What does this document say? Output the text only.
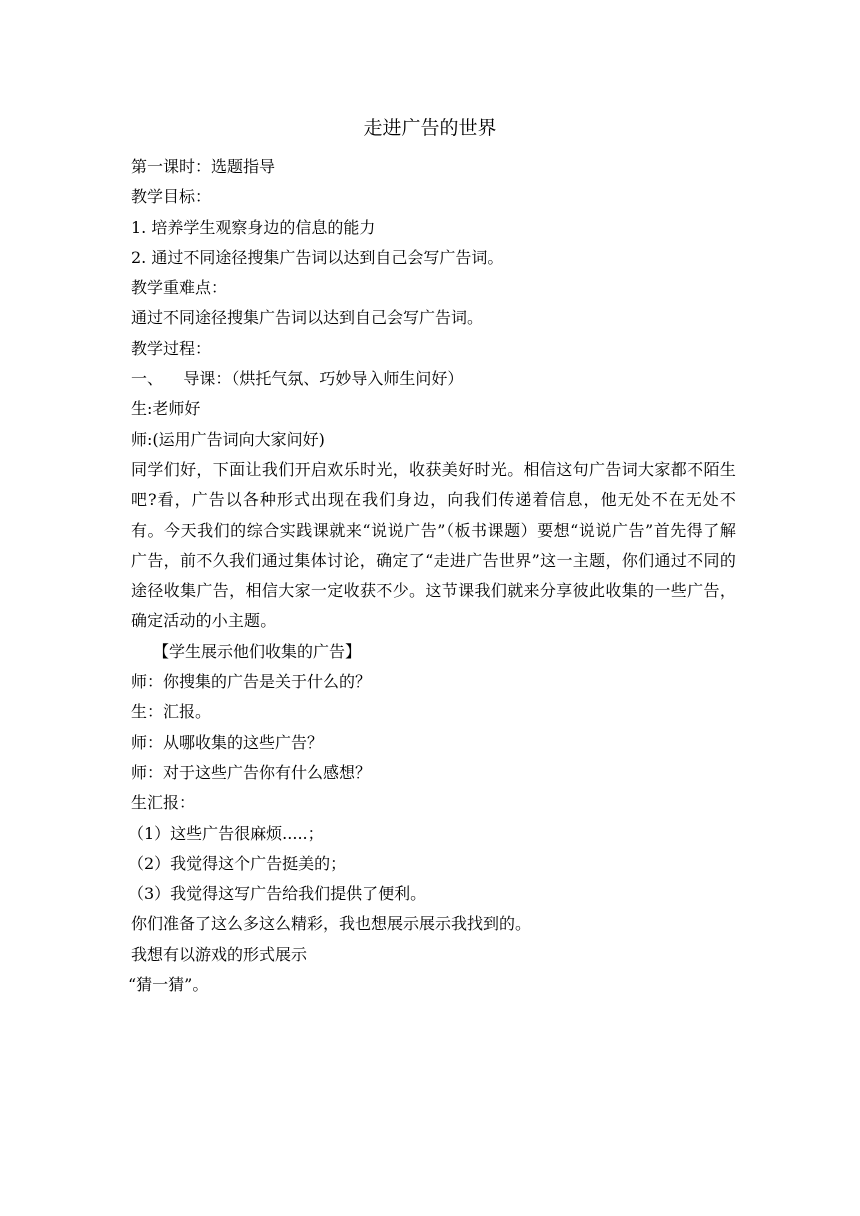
走进广告的世界
第一课时：选题指导
教学目标：
1. 培养学生观察身边的信息的能力
2. 通过不同途径搜集广告词以达到自己会写广告词。
教学重难点：
通过不同途径搜集广告词以达到自己会写广告词。
教学过程：
一、    导课：（烘托气氛、巧妙导入师生问好）
生:老师好
师:(运用广告词向大家问好)
同学们好，下面让我们开启欢乐时光，收获美好时光。相信这句广告词大家都不陌生吧?看，广告以各种形式出现在我们身边，向我们传递着信息，他无处不在无处不有。今天我们的综合实践课就来“说说广告”（板书课题）要想“说说广告”首先得了解广告，前不久我们通过集体讨论，确定了“走进广告世界”这一主题，你们通过不同的途径收集广告，相信大家一定收获不少。这节课我们就来分享彼此收集的一些广告，确定活动的小主题。
【学生展示他们收集的广告】
师：你搜集的广告是关于什么的？
生：汇报。
师：从哪收集的这些广告？
师：对于这些广告你有什么感想？
生汇报：
（1）这些广告很麻烦.....；
（2）我觉得这个广告挺美的；
（3）我觉得这写广告给我们提供了便利。
你们准备了这么多这么精彩，我也想展示展示我找到的。
我想有以游戏的形式展示
“猜一猜”。
